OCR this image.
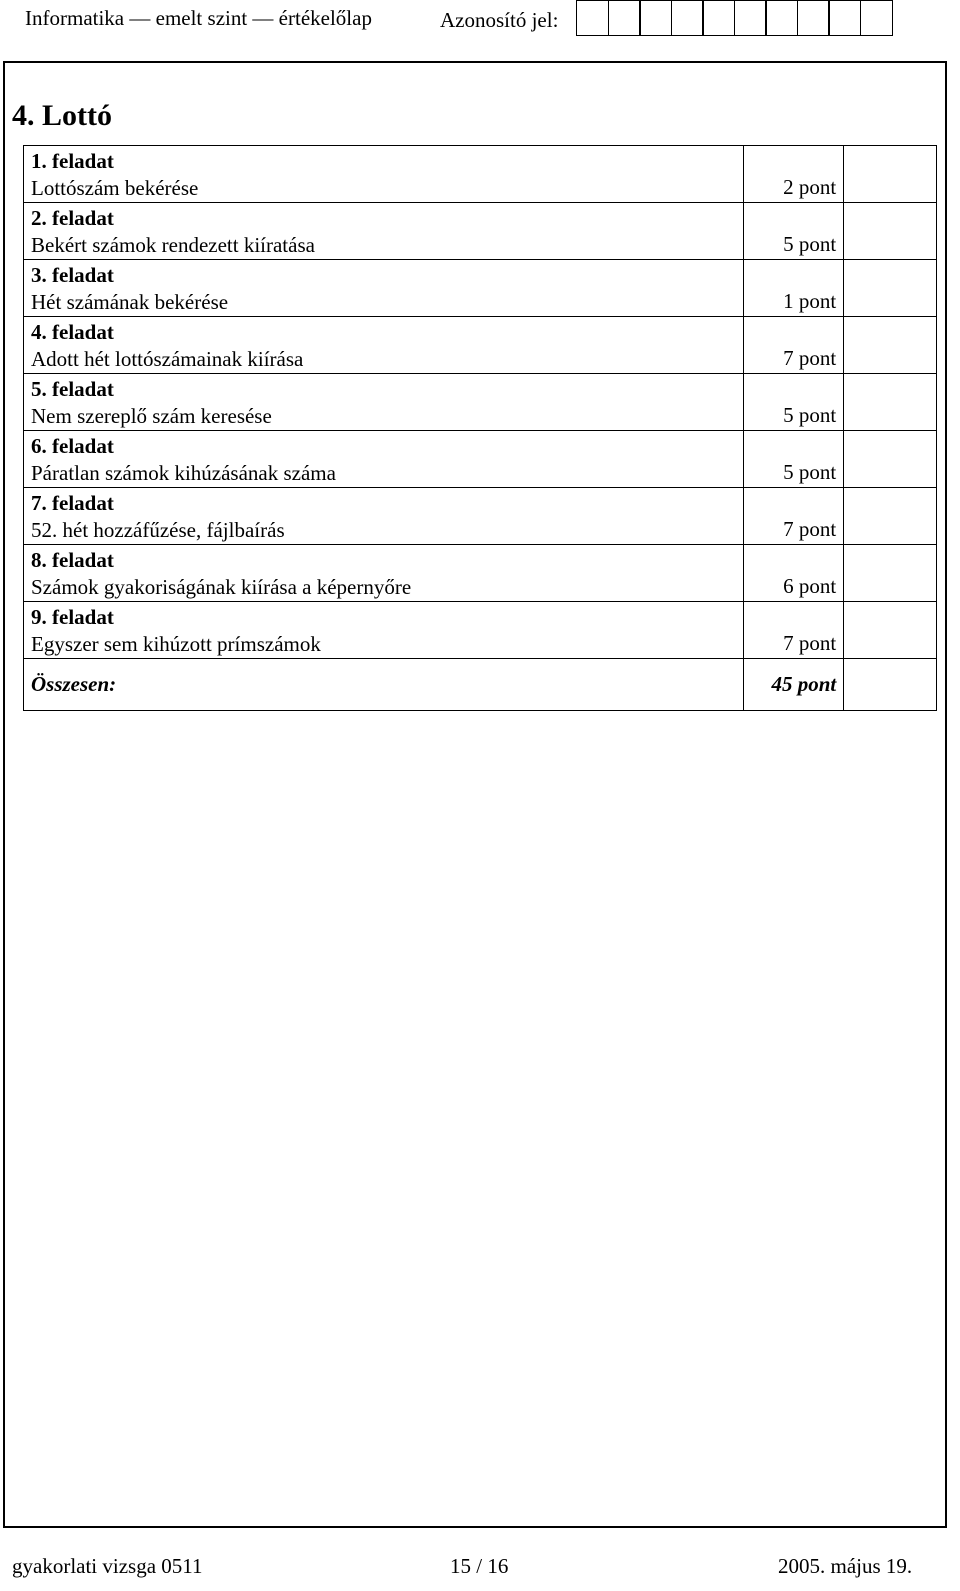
Informatika — emelt szint — értékelőlap	Azonosító jel:
4. Lottó
1. feladat
Lottószám bekérése	2 pont	

2. feladat
Bekért számok rendezett kiíratása	5 pont	

3. feladat
Hét számának bekérése	1 pont	

4. feladat
Adott hét lottószámainak kiírása	7 pont	

5. feladat
Nem szereplő szám keresése	5 pont	

6. feladat
Páratlan számok kihúzásának száma	5 pont	

7. feladat
52. hét hozzáfűzése, fájlbaírás	7 pont	

8. feladat
Számok gyakoriságának kiírása a képernyőre	6 pont	

9. feladat
Egyszer sem kihúzott prímszámok	7 pont	
Összesen:	45 pont	
gyakorlati vizsga 0511	15 / 16	2005. május 19.
